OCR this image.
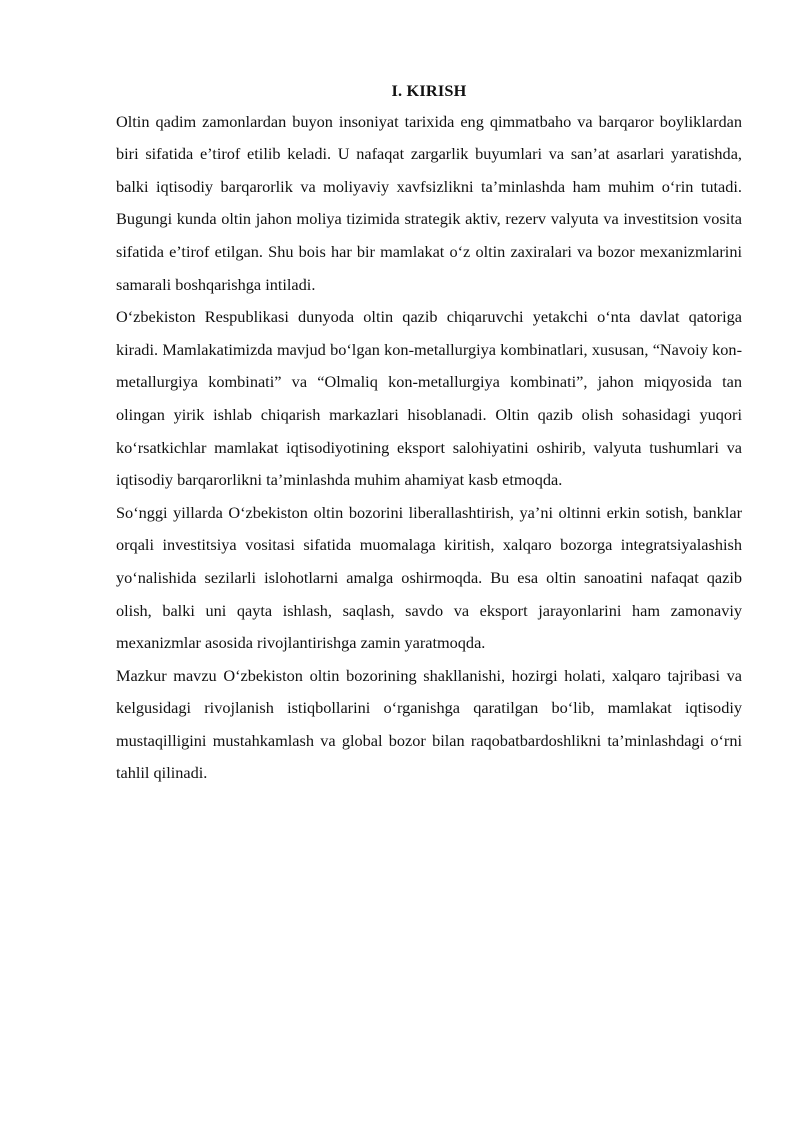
I. KIRISH

Oltin qadim zamonlardan buyon insoniyat tarixida eng qimmatbaho va barqaror boyliklardan biri sifatida e’tirof etilib keladi. U nafaqat zargarlik buyumlari va san’at asarlari yaratishda, balki iqtisodiy barqarorlik va moliyaviy xavfsizlikni ta’minlashda ham muhim o‘rin tutadi. Bugungi kunda oltin jahon moliya tizimida strategik aktiv, rezerv valyuta va investitsion vosita sifatida e’tirof etilgan. Shu bois har bir mamlakat o‘z oltin zaxiralari va bozor mexanizmlarini samarali boshqarishga intiladi.

O‘zbekiston Respublikasi dunyoda oltin qazib chiqaruvchi yetakchi o‘nta davlat qatoriga kiradi. Mamlakatimizda mavjud bo‘lgan kon-metallurgiya kombinatlari, xususan, “Navoiy kon-metallurgiya kombinati” va “Olmaliq kon-metallurgiya kombinati”, jahon miqyosida tan olingan yirik ishlab chiqarish markazlari hisoblanadi. Oltin qazib olish sohasidagi yuqori ko‘rsatkichlar mamlakat iqtisodiyotining eksport salohiyatini oshirib, valyuta tushumlari va iqtisodiy barqarorlikni ta’minlashda muhim ahamiyat kasb etmoqda.

So‘nggi yillarda O‘zbekiston oltin bozorini liberallashtirish, ya’ni oltinni erkin sotish, banklar orqali investitsiya vositasi sifatida muomalaga kiritish, xalqaro bozorga integratsiyalashish yo‘nalishida sezilarli islohotlarni amalga oshirmoqda. Bu esa oltin sanoatini nafaqat qazib olish, balki uni qayta ishlash, saqlash, savdo va eksport jarayonlarini ham zamonaviy mexanizmlar asosida rivojlantirishga zamin yaratmoqda.

Mazkur mavzu O‘zbekiston oltin bozorining shakllanishi, hozirgi holati, xalqaro tajribasi va kelgusidagi rivojlanish istiqbollarini o‘rganishga qaratilgan bo‘lib, mamlakat iqtisodiy mustaqilligini mustahkamlash va global bozor bilan raqobatbardoshlikni ta’minlashdagi o‘rni tahlil qilinadi.
